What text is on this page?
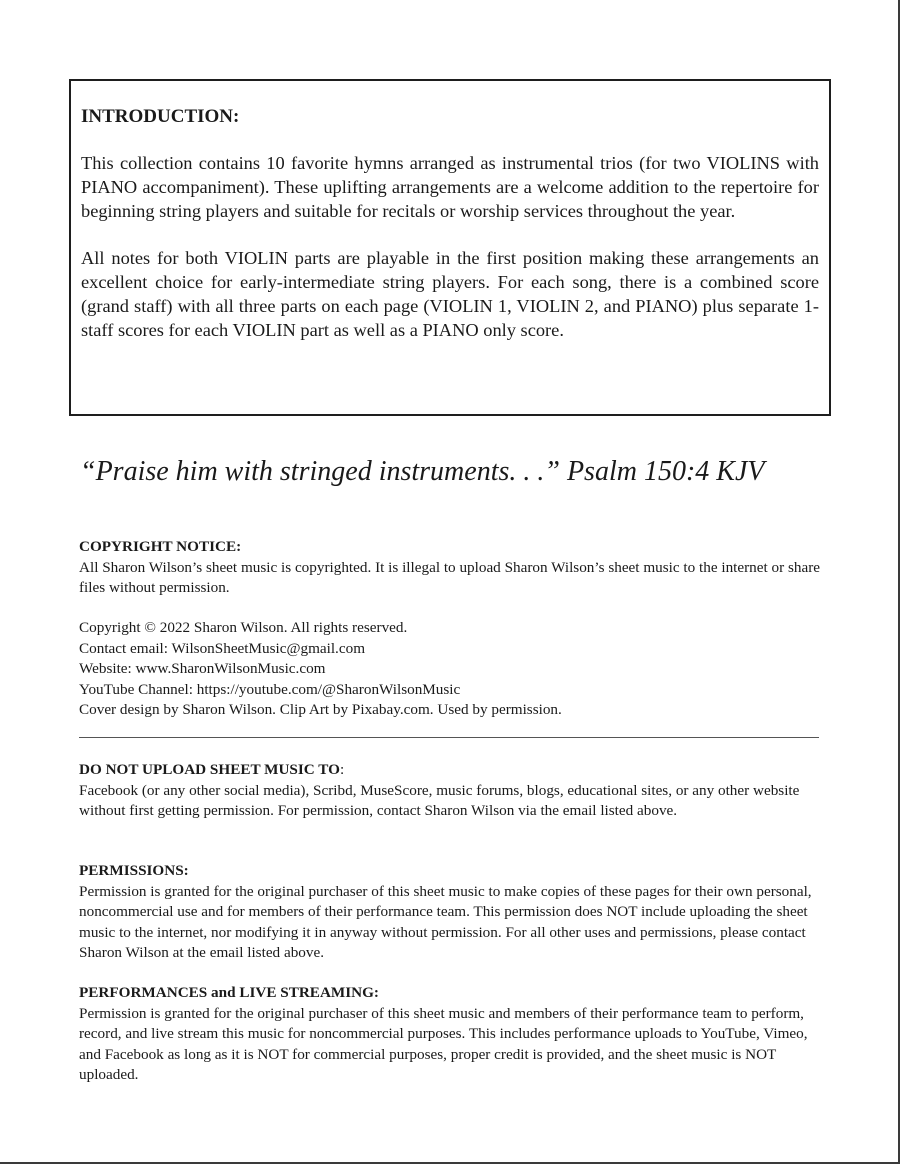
INTRODUCTION:
This collection contains 10 favorite hymns arranged as instrumental trios (for two VIOLINS with PIANO accompaniment). These uplifting arrangements are a welcome addition to the repertoire for beginning string players and suitable for recitals or worship services throughout the year.
All notes for both VIOLIN parts are playable in the first position making these arrangements an excellent choice for early-intermediate string players. For each song, there is a combined score (grand staff) with all three parts on each page (VIOLIN 1, VIOLIN 2, and PIANO) plus separate 1-staff scores for each VIOLIN part as well as a PIANO only score.
“Praise him with stringed instruments. . .” Psalm 150:4 KJV
COPYRIGHT NOTICE:
All Sharon Wilson’s sheet music is copyrighted. It is illegal to upload Sharon Wilson’s sheet music to the internet or share files without permission.
Copyright © 2022 Sharon Wilson. All rights reserved.
Contact email: WilsonSheetMusic@gmail.com
Website: www.SharonWilsonMusic.com
YouTube Channel: https://youtube.com/@SharonWilsonMusic
Cover design by Sharon Wilson. Clip Art by Pixabay.com. Used by permission.
DO NOT UPLOAD SHEET MUSIC TO:
Facebook (or any other social media), Scribd, MuseScore, music forums, blogs, educational sites, or any other website without first getting permission. For permission, contact Sharon Wilson via the email listed above.
PERMISSIONS:
Permission is granted for the original purchaser of this sheet music to make copies of these pages for their own personal, noncommercial use and for members of their performance team. This permission does NOT include uploading the sheet music to the internet, nor modifying it in anyway without permission. For all other uses and permissions, please contact Sharon Wilson at the email listed above.
PERFORMANCES and LIVE STREAMING:
Permission is granted for the original purchaser of this sheet music and members of their performance team to perform, record, and live stream this music for noncommercial purposes. This includes performance uploads to YouTube, Vimeo, and Facebook as long as it is NOT for commercial purposes, proper credit is provided, and the sheet music is NOT uploaded.
